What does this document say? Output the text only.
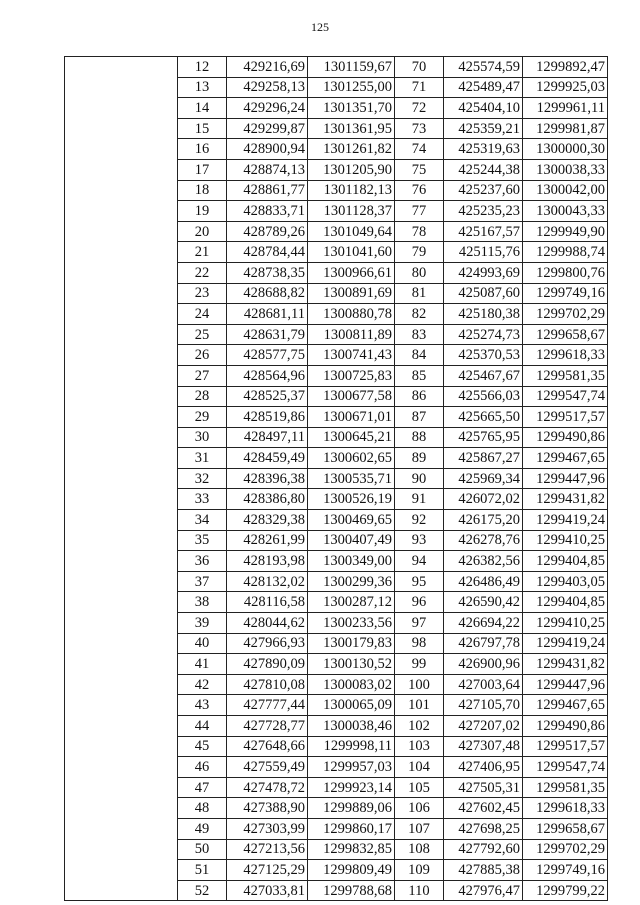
125
	12	429216,69	1301159,67	70	425574,59	1299892,47
	13	429258,13	1301255,00	71	425489,47	1299925,03
	14	429296,24	1301351,70	72	425404,10	1299961,11
	15	429299,87	1301361,95	73	425359,21	1299981,87
	16	428900,94	1301261,82	74	425319,63	1300000,30
	17	428874,13	1301205,90	75	425244,38	1300038,33
	18	428861,77	1301182,13	76	425237,60	1300042,00
	19	428833,71	1301128,37	77	425235,23	1300043,33
	20	428789,26	1301049,64	78	425167,57	1299949,90
	21	428784,44	1301041,60	79	425115,76	1299988,74
	22	428738,35	1300966,61	80	424993,69	1299800,76
	23	428688,82	1300891,69	81	425087,60	1299749,16
	24	428681,11	1300880,78	82	425180,38	1299702,29
	25	428631,79	1300811,89	83	425274,73	1299658,67
	26	428577,75	1300741,43	84	425370,53	1299618,33
	27	428564,96	1300725,83	85	425467,67	1299581,35
	28	428525,37	1300677,58	86	425566,03	1299547,74
	29	428519,86	1300671,01	87	425665,50	1299517,57
	30	428497,11	1300645,21	88	425765,95	1299490,86
	31	428459,49	1300602,65	89	425867,27	1299467,65
	32	428396,38	1300535,71	90	425969,34	1299447,96
	33	428386,80	1300526,19	91	426072,02	1299431,82
	34	428329,38	1300469,65	92	426175,20	1299419,24
	35	428261,99	1300407,49	93	426278,76	1299410,25
	36	428193,98	1300349,00	94	426382,56	1299404,85
	37	428132,02	1300299,36	95	426486,49	1299403,05
	38	428116,58	1300287,12	96	426590,42	1299404,85
	39	428044,62	1300233,56	97	426694,22	1299410,25
	40	427966,93	1300179,83	98	426797,78	1299419,24
	41	427890,09	1300130,52	99	426900,96	1299431,82
	42	427810,08	1300083,02	100	427003,64	1299447,96
	43	427777,44	1300065,09	101	427105,70	1299467,65
	44	427728,77	1300038,46	102	427207,02	1299490,86
	45	427648,66	1299998,11	103	427307,48	1299517,57
	46	427559,49	1299957,03	104	427406,95	1299547,74
	47	427478,72	1299923,14	105	427505,31	1299581,35
	48	427388,90	1299889,06	106	427602,45	1299618,33
	49	427303,99	1299860,17	107	427698,25	1299658,67
	50	427213,56	1299832,85	108	427792,60	1299702,29
	51	427125,29	1299809,49	109	427885,38	1299749,16
	52	427033,81	1299788,68	110	427976,47	1299799,22
